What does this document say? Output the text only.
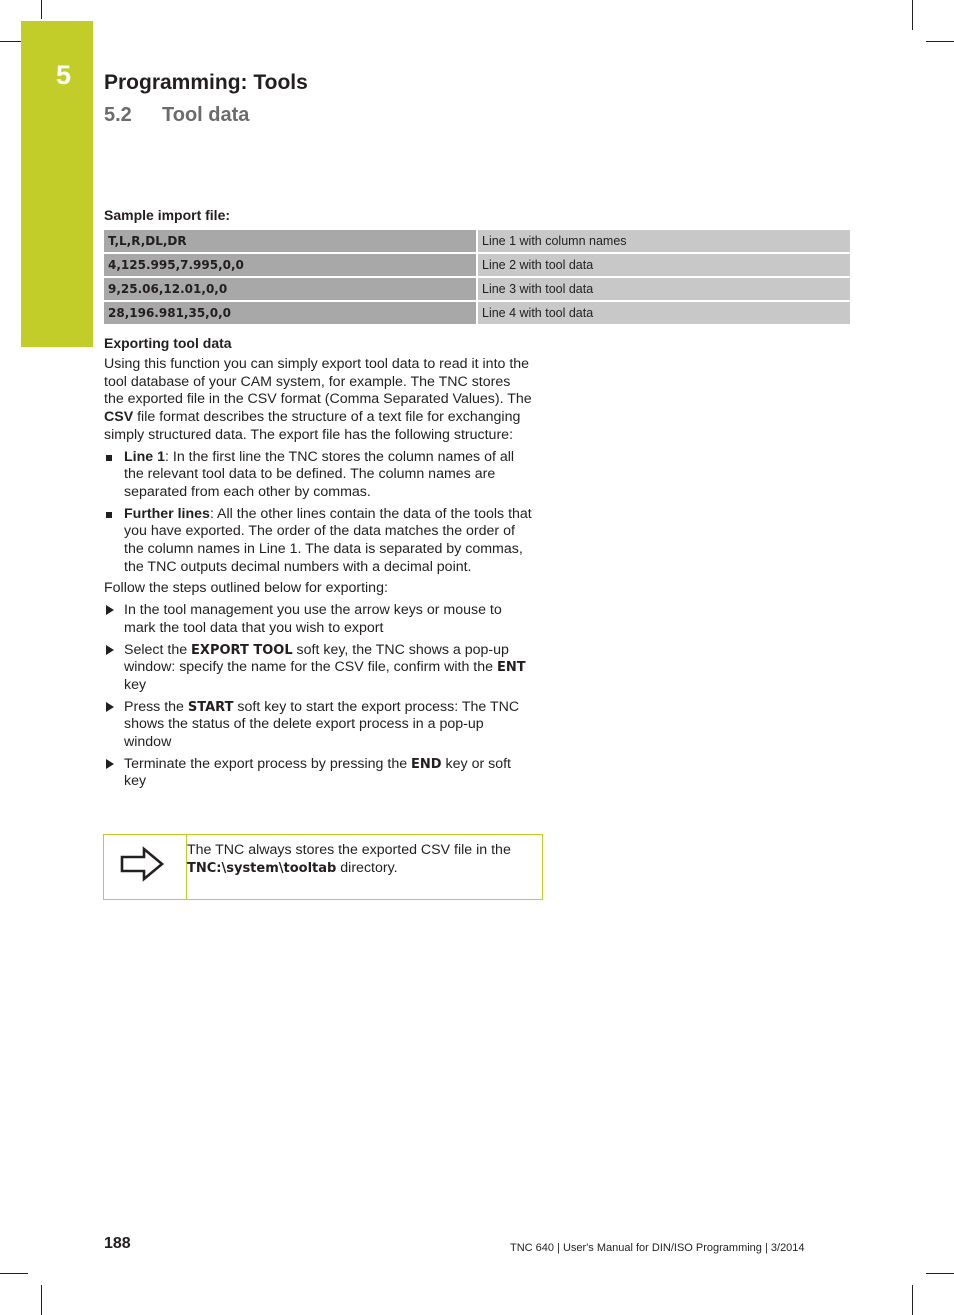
5 Programming: Tools
5.2 Tool data
Sample import file:
T,L,R,DL,DR	Line 1 with column names
4,125.995,7.995,0,0	Line 2 with tool data
9,25.06,12.01,0,0	Line 3 with tool data
28,196.981,35,0,0	Line 4 with tool data
Exporting tool data

Using this function you can simply export tool data to read it into the tool database of your CAM system, for example. The TNC stores the exported file in the CSV format (Comma Separated Values). The CSV file format describes the structure of a text file for exchanging simply structured data. The export file has the following structure:

Line 1: In the first line the TNC stores the column names of all the relevant tool data to be defined. The column names are separated from each other by commas.
Further lines: All the other lines contain the data of the tools that you have exported. The order of the data matches the order of the column names in Line 1. The data is separated by commas, the TNC outputs decimal numbers with a decimal point.

Follow the steps outlined below for exporting:

In the tool management you use the arrow keys or mouse to mark the tool data that you wish to export
Select the EXPORT TOOL soft key, the TNC shows a pop-up window: specify the name for the CSV file, confirm with the ENT key
Press the START soft key to start the export process: The TNC shows the status of the delete export process in a pop-up window
Terminate the export process by pressing the END key or soft key
The TNC always stores the exported CSV file in the TNC:\system\tooltab directory.
188	TNC 640 | User's Manual for DIN/ISO Programming | 3/2014
